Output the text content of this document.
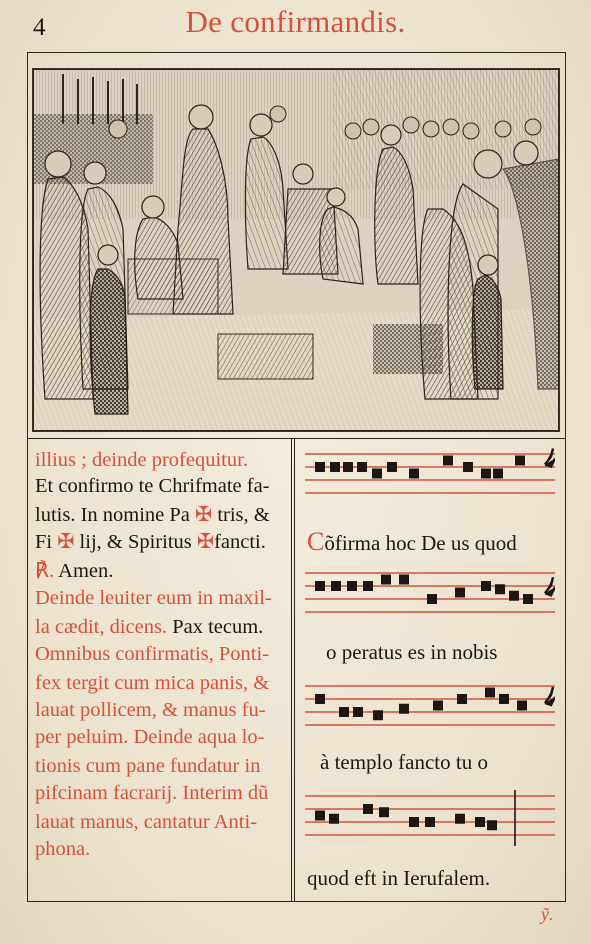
4	De confirmandis.
illius ; deinde profequitur.
Et confirmo te Chrifmate fa-
lutis. In nomine Pa ✠ tris, &
Fi ✠ lij, & Spiritus ✠fancti.
℟. Amen.
Deinde leuiter eum in maxil-
la cædit, dicens. Pax tecum.
Omnibus confirmatis, Ponti-
fex tergit cum mica panis, &
lauat pollicem, & manus fu-
per peluim. Deinde aqua lo-
tionis cum pane fundatur in
pifcinam facrarij. Interim dũ
lauat manus, cantatur Anti-
phona.
Cõfirma hoc De us quod
o peratus es in nobis
à templo fancto tu o
quod eft in Ierufalem.
ỹ.
